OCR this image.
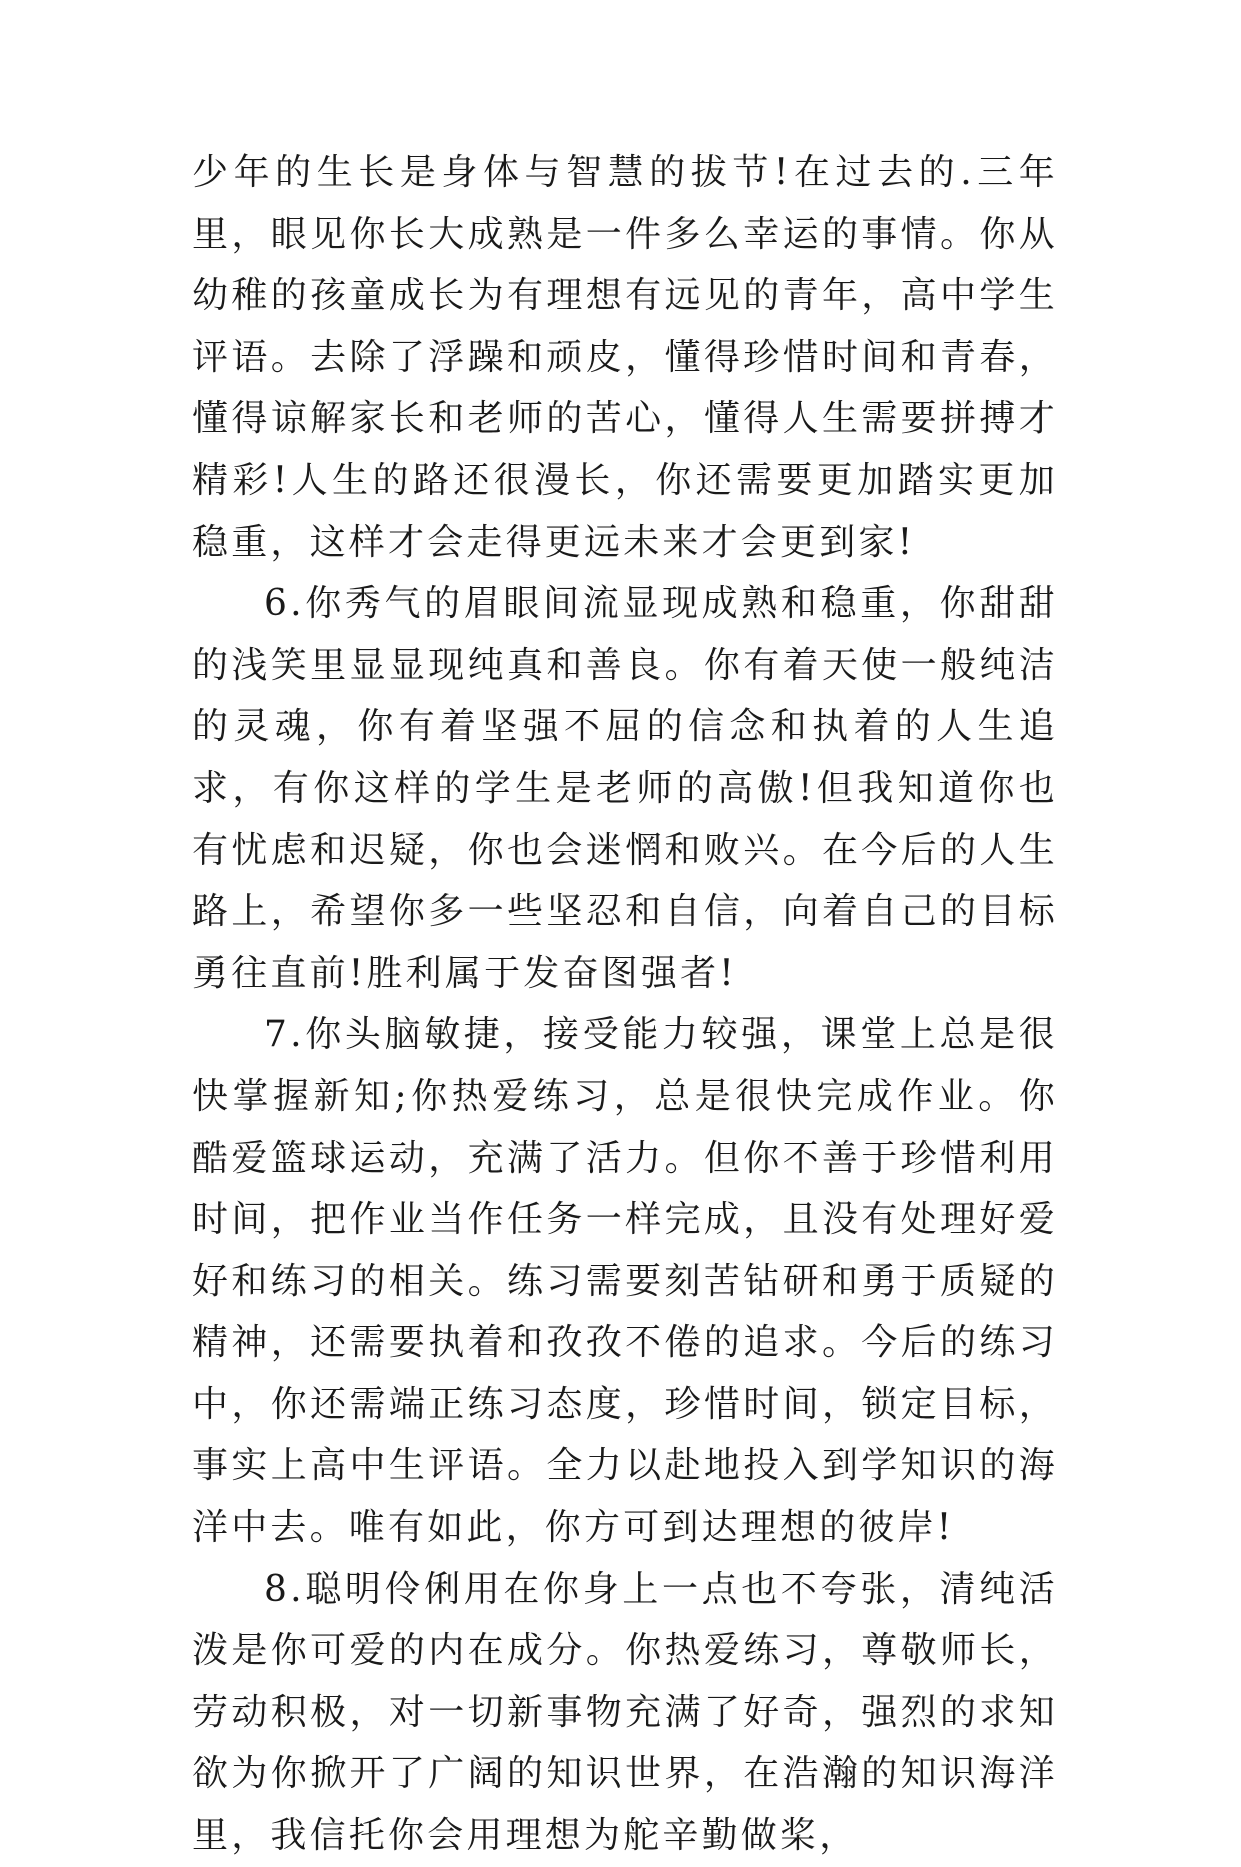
少年的生长是身体与智慧的拔节!在过去的.三年里，眼见你长大成熟是一件多么幸运的事情。你从幼稚的孩童成长为有理想有远见的青年，高中学生评语。去除了浮躁和顽皮，懂得珍惜时间和青春，懂得谅解家长和老师的苦心，懂得人生需要拼搏才精彩!人生的路还很漫长，你还需要更加踏实更加稳重，这样才会走得更远未来才会更到家!

6.你秀气的眉眼间流显现成熟和稳重，你甜甜的浅笑里显显现纯真和善良。你有着天使一般纯洁的灵魂，你有着坚强不屈的信念和执着的人生追求，有你这样的学生是老师的高傲!但我知道你也有忧虑和迟疑，你也会迷惘和败兴。在今后的人生路上，希望你多一些坚忍和自信，向着自己的目标勇往直前!胜利属于发奋图强者!

7.你头脑敏捷，接受能力较强，课堂上总是很快掌握新知;你热爱练习，总是很快完成作业。你酷爱篮球运动，充满了活力。但你不善于珍惜利用时间，把作业当作任务一样完成，且没有处理好爱好和练习的相关。练习需要刻苦钻研和勇于质疑的精神，还需要执着和孜孜不倦的追求。今后的练习中，你还需端正练习态度，珍惜时间，锁定目标，事实上高中生评语。全力以赴地投入到学知识的海洋中去。唯有如此，你方可到达理想的彼岸!

8.聪明伶俐用在你身上一点也不夸张，清纯活泼是你可爱的内在成分。你热爱练习，尊敬师长，劳动积极，对一切新事物充满了好奇，强烈的求知欲为你掀开了广阔的知识世界，在浩瀚的知识海洋里，我信托你会用理想为舵辛勤做桨，
